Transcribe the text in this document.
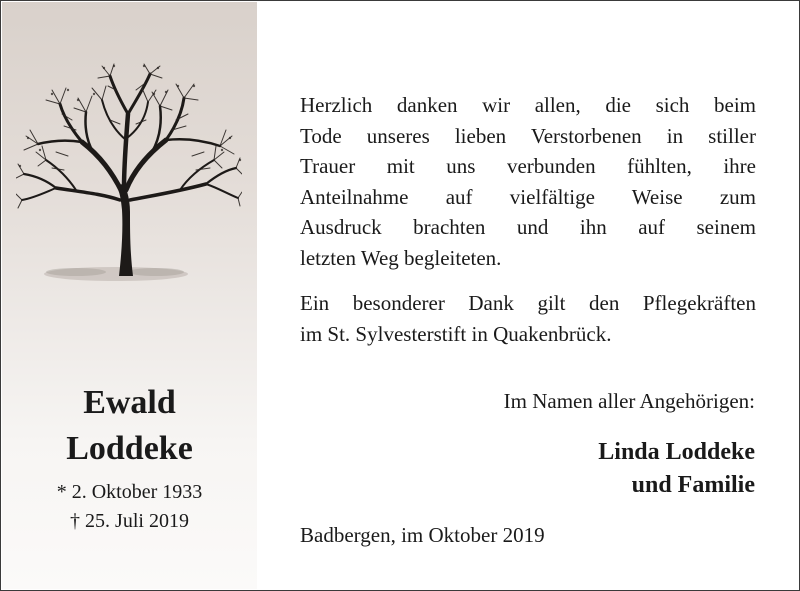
Ewald
Loddeke
* 2. Oktober 1933
† 25. Juli 2019
Herzlich danken wir allen, die sich beim
Tode unseres lieben Verstorbenen in stiller
Trauer mit uns verbunden fühlten, ihre
Anteilnahme auf vielfältige Weise zum
Ausdruck brachten und ihn auf seinem
letzten Weg begleiteten.
Ein besonderer Dank gilt den Pflegekräften
im St. Sylvesterstift in Quakenbrück.
Im Namen aller Angehörigen:
Linda Loddeke
und Familie
Badbergen, im Oktober 2019
